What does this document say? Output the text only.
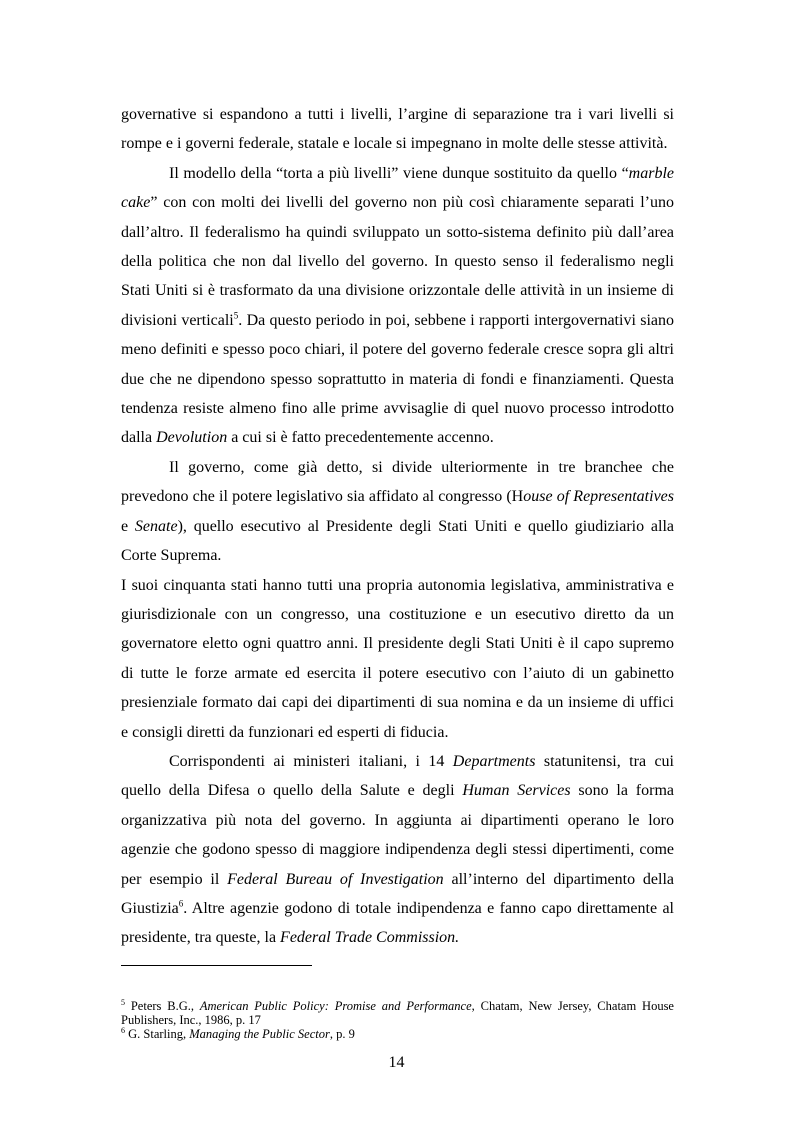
governative si espandono a tutti i livelli, l’argine di separazione tra i vari livelli si rompe e i governi federale, statale e locale si impegnano in molte delle stesse attività.

Il modello della “torta a più livelli” viene dunque sostituito da quello “marble cake” con con molti dei livelli del governo non più così chiaramente separati l’uno dall’altro. Il federalismo ha quindi sviluppato un sotto-sistema definito più dall’area della politica che non dal livello del governo. In questo senso il federalismo negli Stati Uniti si è trasformato da una divisione orizzontale delle attività in un insieme di divisioni verticali$^5$. Da questo periodo in poi, sebbene i rapporti intergovernativi siano meno definiti e spesso poco chiari, il potere del governo federale cresce sopra gli altri due che ne dipendono spesso soprattutto in materia di fondi e finanziamenti. Questa tendenza resiste almeno fino alle prime avvisaglie di quel nuovo processo introdotto dalla Devolution a cui si è fatto precedentemente accenno.

Il governo, come già detto, si divide ulteriormente in tre branchee che prevedono che il potere legislativo sia affidato al congresso (House of Representatives e Senate), quello esecutivo al Presidente degli Stati Uniti e quello giudiziario alla Corte Suprema.

I suoi cinquanta stati hanno tutti una propria autonomia legislativa, amministrativa e giurisdizionale con un congresso, una costituzione e un esecutivo diretto da un governatore eletto ogni quattro anni. Il presidente degli Stati Uniti è il capo supremo di tutte le forze armate ed esercita il potere esecutivo con l’aiuto di un gabinetto presienziale formato dai capi dei dipartimenti di sua nomina e da un insieme di uffici e consigli diretti da funzionari ed esperti di fiducia.

Corrispondenti ai ministeri italiani, i 14 Departments statunitensi, tra cui quello della Difesa o quello della Salute e degli Human Services sono la forma organizzativa più nota del governo. In aggiunta ai dipartimenti operano le loro agenzie che godono spesso di maggiore indipendenza degli stessi dipertimenti, come per esempio il Federal Bureau of Investigation all’interno del dipartimento della Giustizia$^6$. Altre agenzie godono di totale indipendenza e fanno capo direttamente al presidente, tra queste, la Federal Trade Commission.

$^5$ Peters B.G., American Public Policy: Promise and Performance, Chatam, New Jersey, Chatam House Publishers, Inc., 1986, p. 17

$^6$ G. Starling, Managing the Public Sector, p. 9

14
